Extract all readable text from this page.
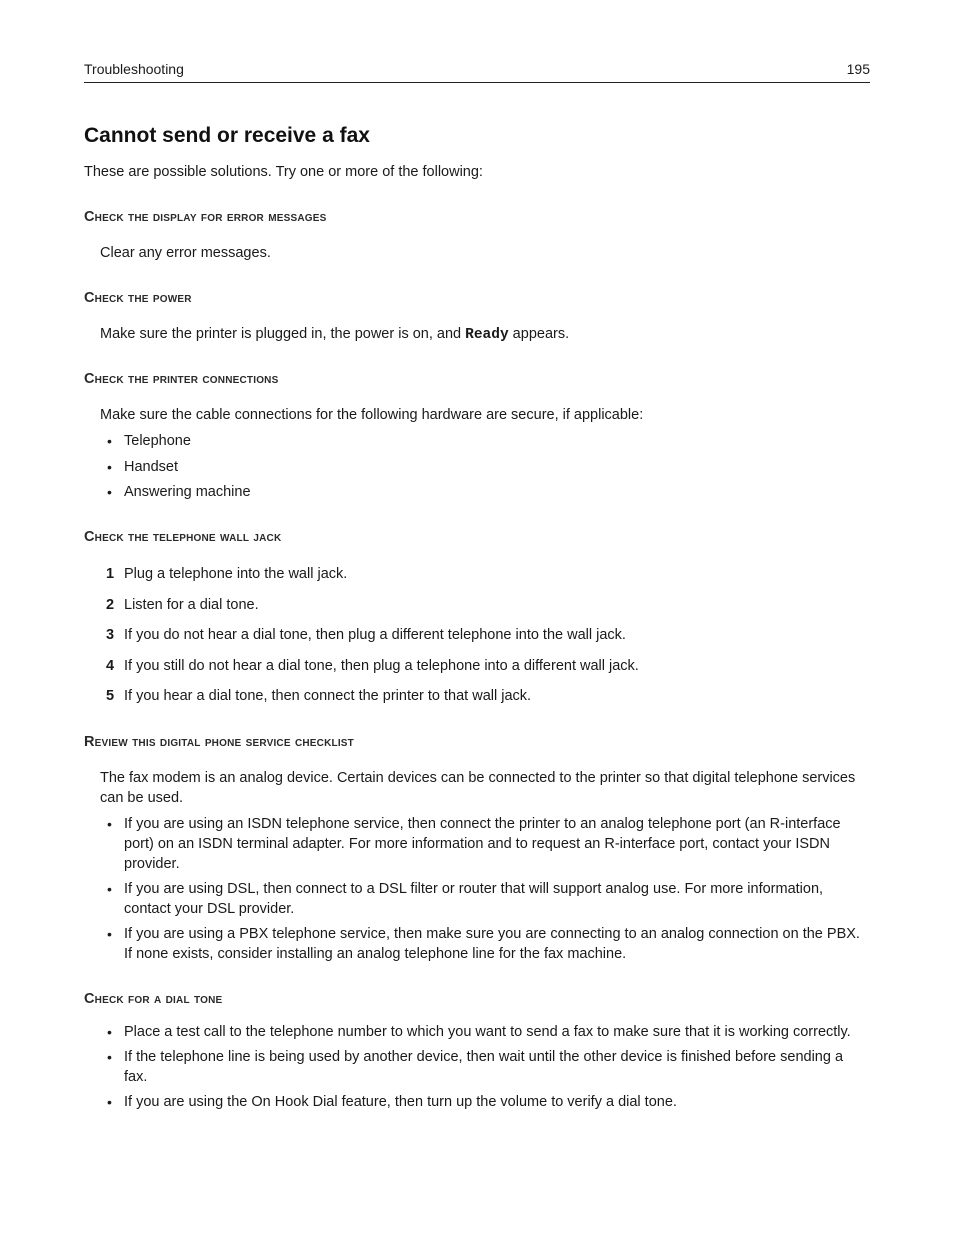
Troubleshooting	195
Cannot send or receive a fax
These are possible solutions. Try one or more of the following:
Check the display for error messages
Clear any error messages.
Check the power
Make sure the printer is plugged in, the power is on, and Ready appears.
Check the printer connections
Make sure the cable connections for the following hardware are secure, if applicable:
• Telephone
• Handset
• Answering machine
Check the telephone wall jack
1 Plug a telephone into the wall jack.
2 Listen for a dial tone.
3 If you do not hear a dial tone, then plug a different telephone into the wall jack.
4 If you still do not hear a dial tone, then plug a telephone into a different wall jack.
5 If you hear a dial tone, then connect the printer to that wall jack.
Review this digital phone service checklist
The fax modem is an analog device. Certain devices can be connected to the printer so that digital telephone services can be used.
• If you are using an ISDN telephone service, then connect the printer to an analog telephone port (an R-interface port) on an ISDN terminal adapter. For more information and to request an R-interface port, contact your ISDN provider.
• If you are using DSL, then connect to a DSL filter or router that will support analog use. For more information, contact your DSL provider.
• If you are using a PBX telephone service, then make sure you are connecting to an analog connection on the PBX. If none exists, consider installing an analog telephone line for the fax machine.
Check for a dial tone
• Place a test call to the telephone number to which you want to send a fax to make sure that it is working correctly.
• If the telephone line is being used by another device, then wait until the other device is finished before sending a fax.
• If you are using the On Hook Dial feature, then turn up the volume to verify a dial tone.
